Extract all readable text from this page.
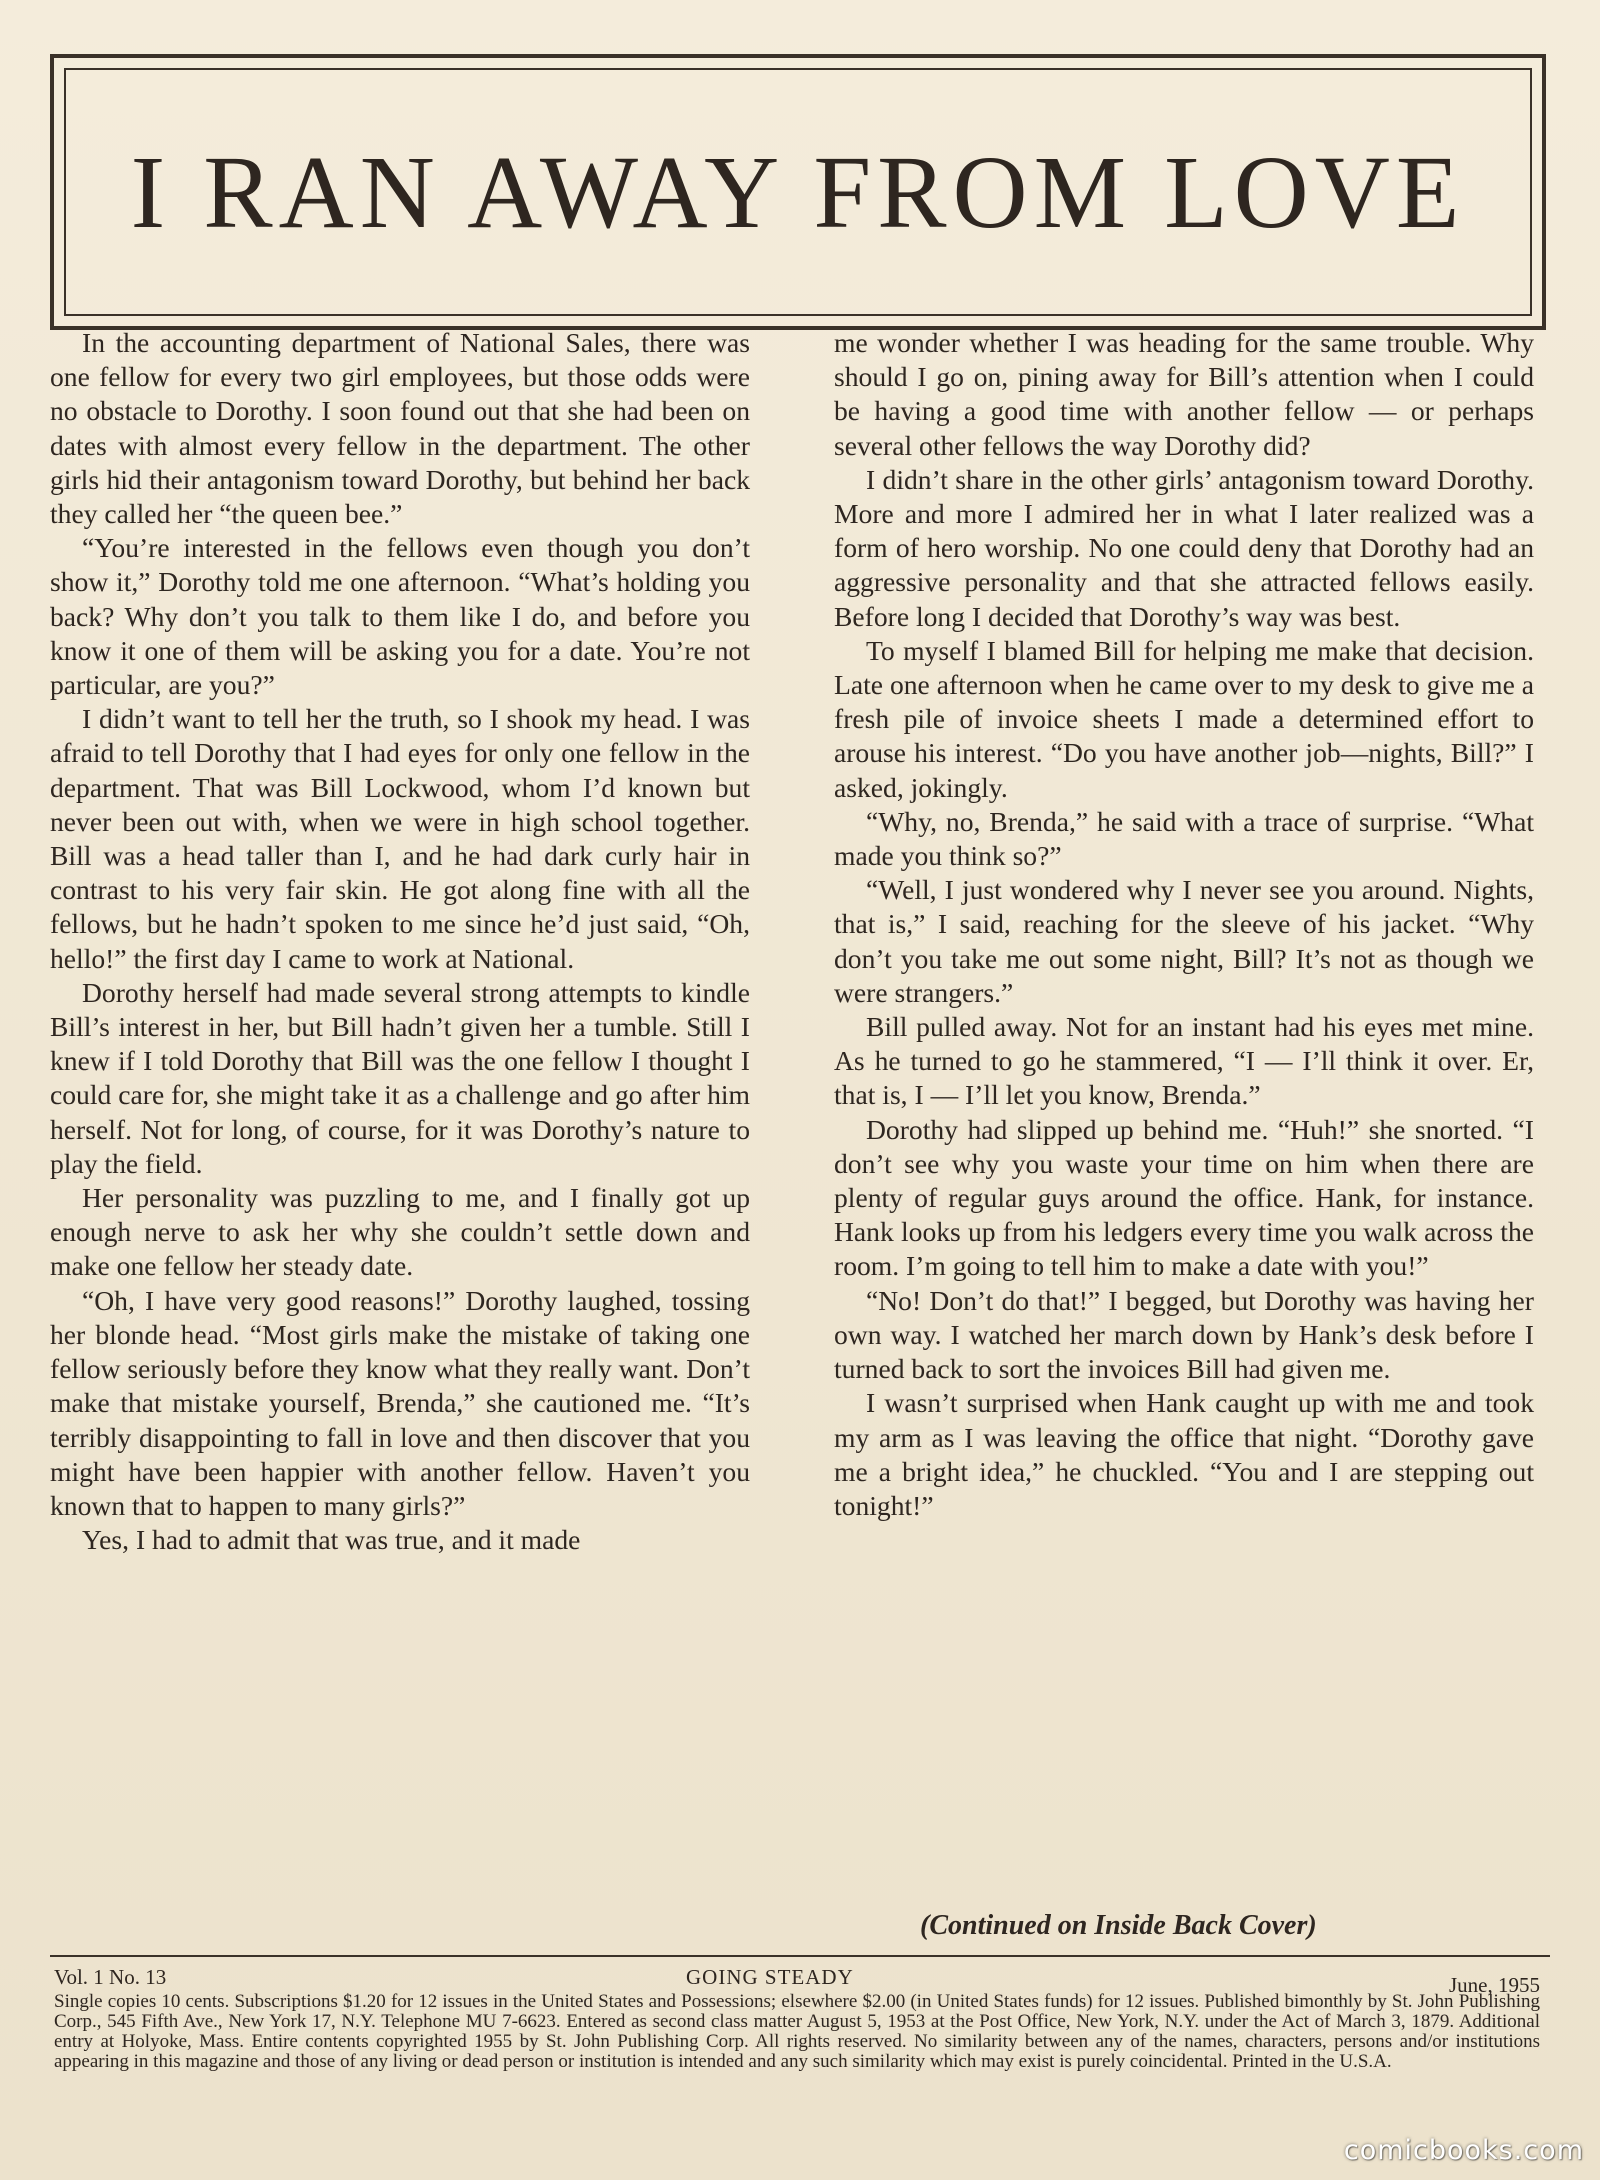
I RAN AWAY FROM LOVE

In the accounting department of National Sales, there was one fellow for every two girl employees, but those odds were no obstacle to Dorothy. I soon found out that she had been on dates with almost every fellow in the department. The other girls hid their antagonism toward Dorothy, but behind her back they called her “the queen bee.”

“You’re interested in the fellows even though you don’t show it,” Dorothy told me one afternoon. “What’s holding you back? Why don’t you talk to them like I do, and before you know it one of them will be asking you for a date. You’re not particular, are you?”

I didn’t want to tell her the truth, so I shook my head. I was afraid to tell Dorothy that I had eyes for only one fellow in the department. That was Bill Lockwood, whom I’d known but never been out with, when we were in high school together. Bill was a head taller than I, and he had dark curly hair in contrast to his very fair skin. He got along fine with all the fellows, but he hadn’t spoken to me since he’d just said, “Oh, hello!” the first day I came to work at National.

Dorothy herself had made several strong attempts to kindle Bill’s interest in her, but Bill hadn’t given her a tumble. Still I knew if I told Dorothy that Bill was the one fellow I thought I could care for, she might take it as a challenge and go after him herself. Not for long, of course, for it was Dorothy’s nature to play the field.

Her personality was puzzling to me, and I finally got up enough nerve to ask her why she couldn’t settle down and make one fellow her steady date.

“Oh, I have very good reasons!” Dorothy laughed, tossing her blonde head. “Most girls make the mistake of taking one fellow seriously before they know what they really want. Don’t make that mistake yourself, Brenda,” she cautioned me. “It’s terribly disappointing to fall in love and then discover that you might have been happier with another fellow. Haven’t you known that to happen to many girls?”

Yes, I had to admit that was true, and it made

me wonder whether I was heading for the same trouble. Why should I go on, pining away for Bill’s attention when I could be having a good time with another fellow — or perhaps several other fellows the way Dorothy did?

I didn’t share in the other girls’ antagonism toward Dorothy. More and more I admired her in what I later realized was a form of hero worship. No one could deny that Dorothy had an aggressive personality and that she attracted fellows easily. Before long I decided that Dorothy’s way was best.

To myself I blamed Bill for helping me make that decision. Late one afternoon when he came over to my desk to give me a fresh pile of invoice sheets I made a determined effort to arouse his interest. “Do you have another job—nights, Bill?” I asked, jokingly.

“Why, no, Brenda,” he said with a trace of surprise. “What made you think so?”

“Well, I just wondered why I never see you around. Nights, that is,” I said, reaching for the sleeve of his jacket. “Why don’t you take me out some night, Bill? It’s not as though we were strangers.”

Bill pulled away. Not for an instant had his eyes met mine. As he turned to go he stammered, “I — I’ll think it over. Er, that is, I — I’ll let you know, Brenda.”

Dorothy had slipped up behind me. “Huh!” she snorted. “I don’t see why you waste your time on him when there are plenty of regular guys around the office. Hank, for instance. Hank looks up from his ledgers every time you walk across the room. I’m going to tell him to make a date with you!”

“No! Don’t do that!” I begged, but Dorothy was having her own way. I watched her march down by Hank’s desk before I turned back to sort the invoices Bill had given me.

I wasn’t surprised when Hank caught up with me and took my arm as I was leaving the office that night. “Dorothy gave me a bright idea,” he chuckled. “You and I are stepping out tonight!”

(Continued on Inside Back Cover)
Vol. 1 No. 13	GOING STEADY	June, 1955
Single copies 10 cents. Subscriptions $1.20 for 12 issues in the United States and Possessions; elsewhere $2.00 (in United States funds) for 12 issues. Published bimonthly by St. John Publishing Corp., 545 Fifth Ave., New York 17, N.Y. Telephone MU 7-6623. Entered as second class matter August 5, 1953 at the Post Office, New York, N.Y. under the Act of March 3, 1879. Additional entry at Holyoke, Mass. Entire contents copyrighted 1955 by St. John Publishing Corp. All rights reserved. No similarity between any of the names, characters, persons and/or institutions appearing in this magazine and those of any living or dead person or institution is intended and any such similarity which may exist is purely coincidental. Printed in the U.S.A.
comicbooks.com
